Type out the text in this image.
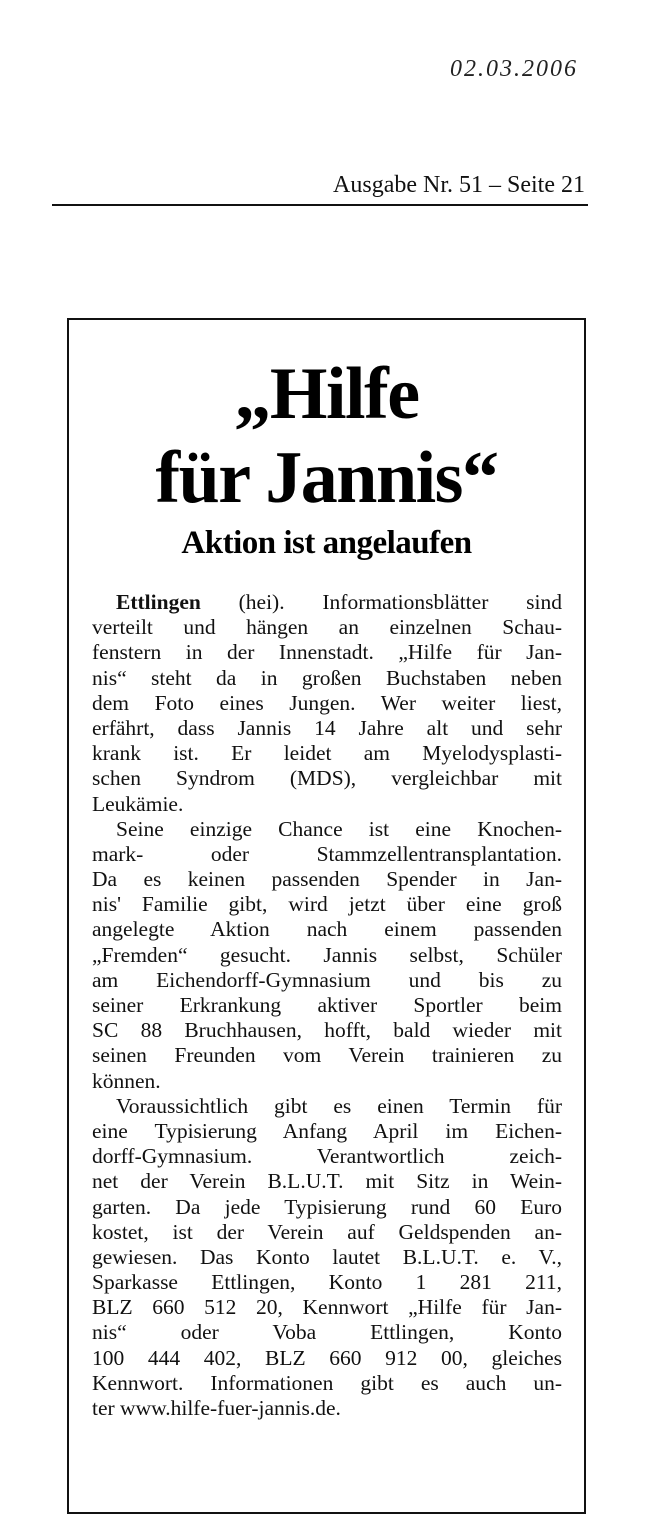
02.03.2006
Ausgabe Nr. 51 – Seite 21
„Hilfe
für Jannis“
Aktion ist angelaufen
Ettlingen (hei). Informationsblätter sind
verteilt und hängen an einzelnen Schau-
fenstern in der Innenstadt. „Hilfe für Jan-
nis“ steht da in großen Buchstaben neben
dem Foto eines Jungen. Wer weiter liest,
erfährt, dass Jannis 14 Jahre alt und sehr
krank ist. Er leidet am Myelodysplasti-
schen Syndrom (MDS), vergleichbar mit
Leukämie.
Seine einzige Chance ist eine Knochen-
mark- oder Stammzellentransplantation.
Da es keinen passenden Spender in Jan-
nis' Familie gibt, wird jetzt über eine groß
angelegte Aktion nach einem passenden
„Fremden“ gesucht. Jannis selbst, Schüler
am Eichendorff-Gymnasium und bis zu
seiner Erkrankung aktiver Sportler beim
SC 88 Bruchhausen, hofft, bald wieder mit
seinen Freunden vom Verein trainieren zu
können.
Voraussichtlich gibt es einen Termin für
eine Typisierung Anfang April im Eichen-
dorff-Gymnasium. Verantwortlich zeich-
net der Verein B.L.U.T. mit Sitz in Wein-
garten. Da jede Typisierung rund 60 Euro
kostet, ist der Verein auf Geldspenden an-
gewiesen. Das Konto lautet B.L.U.T. e. V.,
Sparkasse Ettlingen, Konto 1 281 211,
BLZ 660 512 20, Kennwort „Hilfe für Jan-
nis“ oder Voba Ettlingen, Konto
100 444 402, BLZ 660 912 00, gleiches
Kennwort. Informationen gibt es auch un-
ter www.hilfe-fuer-jannis.de.
